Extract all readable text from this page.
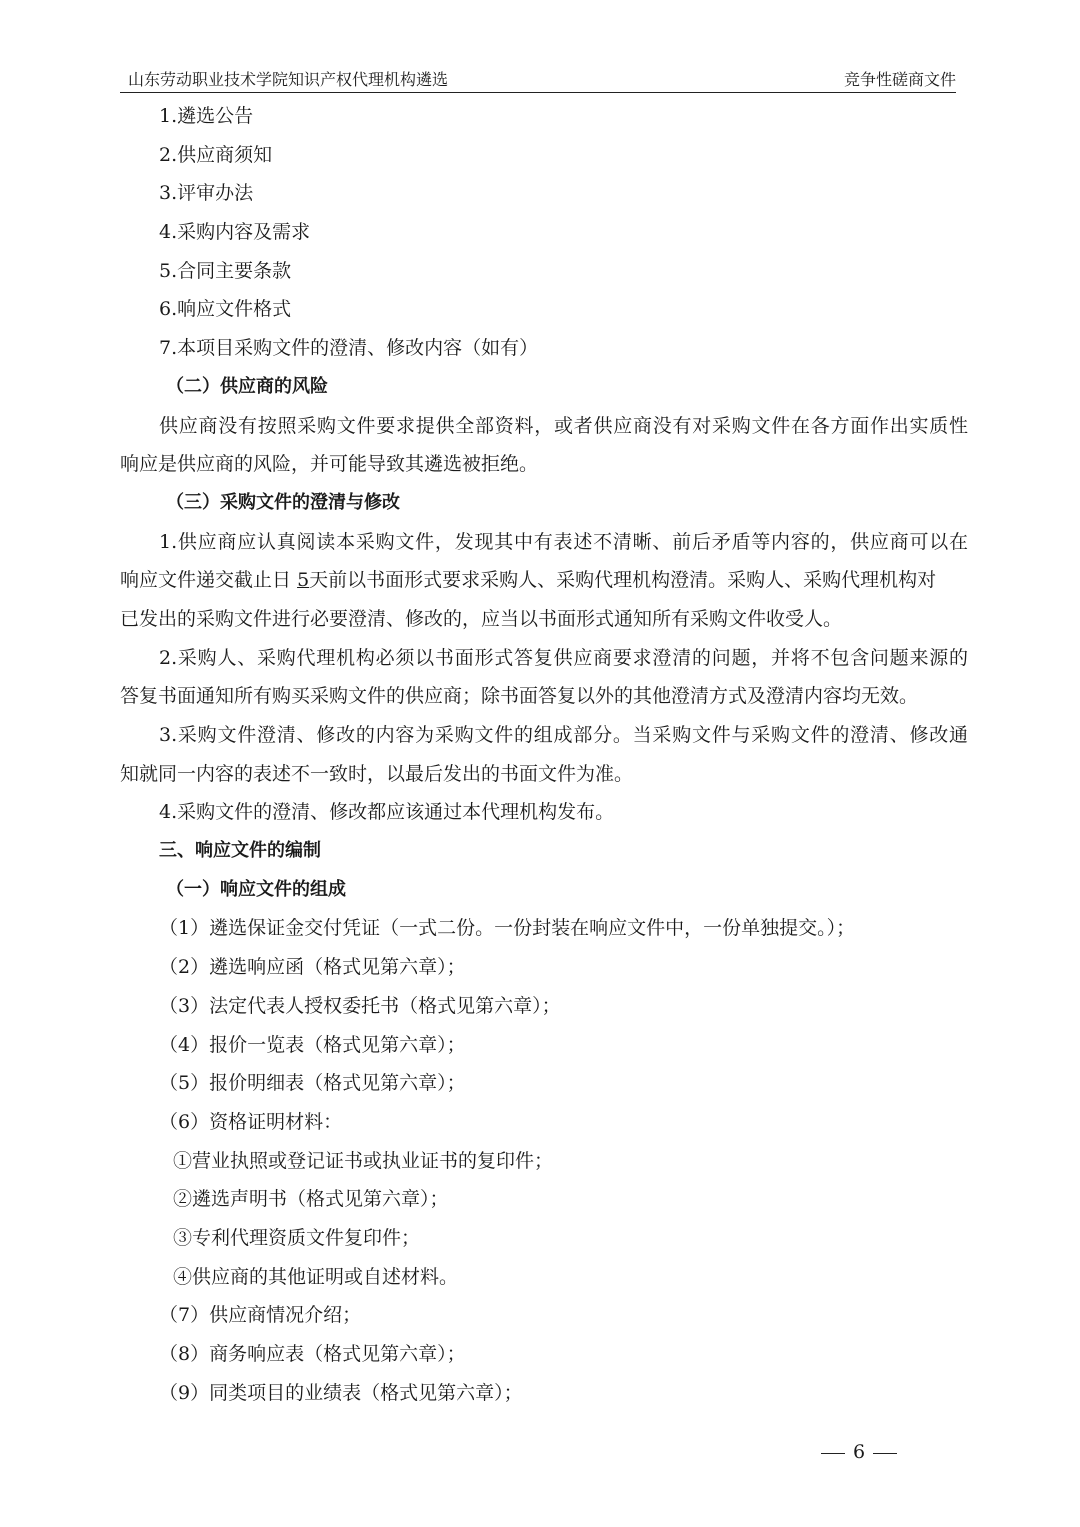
山东劳动职业技术学院知识产权代理机构遴选	竞争性磋商文件
1.遴选公告
2.供应商须知
3.评审办法
4.采购内容及需求
5.合同主要条款
6.响应文件格式
7.本项目采购文件的澄清、修改内容（如有）
（二）供应商的风险
供应商没有按照采购文件要求提供全部资料，或者供应商没有对采购文件在各方面作出实质性
响应是供应商的风险，并可能导致其遴选被拒绝。
（三）采购文件的澄清与修改
1.供应商应认真阅读本采购文件，发现其中有表述不清晰、前后矛盾等内容的，供应商可以在
响应文件递交截止日 5天前以书面形式要求采购人、采购代理机构澄清。采购人、采购代理机构对
已发出的采购文件进行必要澄清、修改的，应当以书面形式通知所有采购文件收受人。
2.采购人、采购代理机构必须以书面形式答复供应商要求澄清的问题，并将不包含问题来源的
答复书面通知所有购买采购文件的供应商；除书面答复以外的其他澄清方式及澄清内容均无效。
3.采购文件澄清、修改的内容为采购文件的组成部分。当采购文件与采购文件的澄清、修改通
知就同一内容的表述不一致时，以最后发出的书面文件为准。
4.采购文件的澄清、修改都应该通过本代理机构发布。
三、响应文件的编制
（一）响应文件的组成
（1）遴选保证金交付凭证（一式二份。一份封装在响应文件中，一份单独提交。）；
（2）遴选响应函（格式见第六章）；
（3）法定代表人授权委托书（格式见第六章）；
（4）报价一览表（格式见第六章）；
（5）报价明细表（格式见第六章）；
（6）资格证明材料：
①营业执照或登记证书或执业证书的复印件；
②遴选声明书（格式见第六章）；
③专利代理资质文件复印件；
④供应商的其他证明或自述材料。
（7）供应商情况介绍；
（8）商务响应表（格式见第六章）；
（9）同类项目的业绩表（格式见第六章）；
6
